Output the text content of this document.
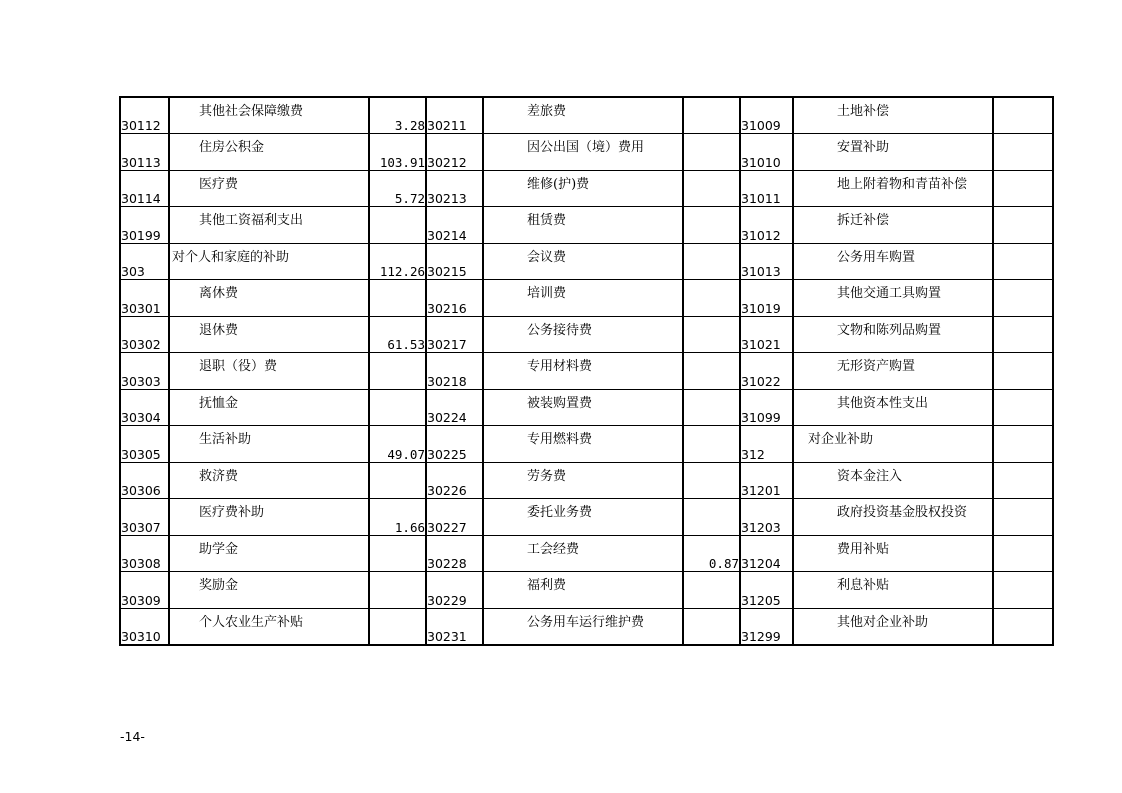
30112	其他社会保障缴费	3.28	30211	差旅费		31009	土地补偿	

30113	住房公积金	103.91	30212	因公出国（境）费用		31010	安置补助	

30114	医疗费	5.72	30213	维修(护)费		31011	地上附着物和青苗补偿	

30199	其他工资福利支出		30214	租赁费		31012	拆迁补偿	

303	对个人和家庭的补助	112.26	30215	会议费		31013	公务用车购置	

30301	离休费		30216	培训费		31019	其他交通工具购置	

30302	退休费	61.53	30217	公务接待费		31021	文物和陈列品购置	

30303	退职（役）费		30218	专用材料费		31022	无形资产购置	

30304	抚恤金		30224	被装购置费		31099	其他资本性支出	

30305	生活补助	49.07	30225	专用燃料费		312	对企业补助	

30306	救济费		30226	劳务费		31201	资本金注入	

30307	医疗费补助	1.66	30227	委托业务费		31203	政府投资基金股权投资	

30308	助学金		30228	工会经费	0.87	31204	费用补贴	

30309	奖励金		30229	福利费		31205	利息补贴	

30310	个人农业生产补贴		30231	公务用车运行维护费		31299	其他对企业补助	

-14-
